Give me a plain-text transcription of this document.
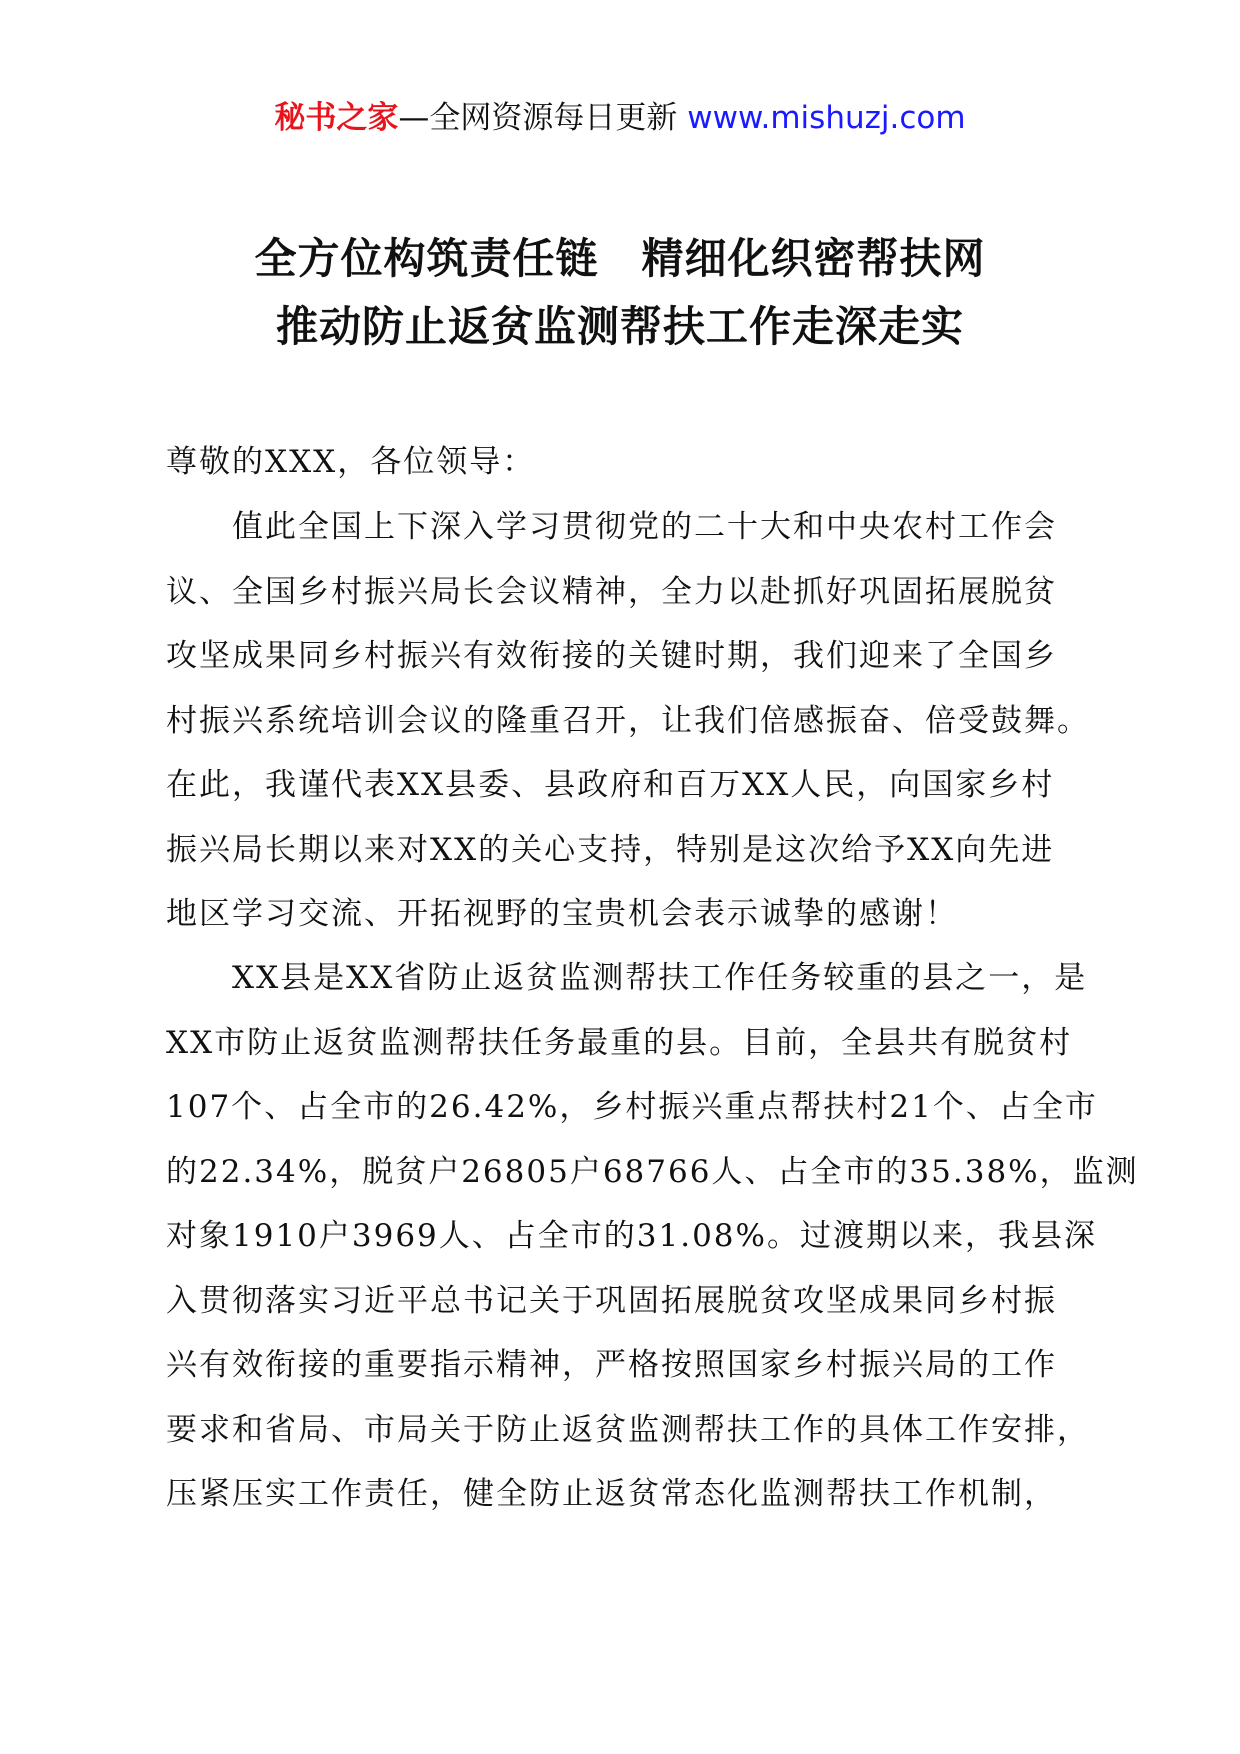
秘书之家—全网资源每日更新 www.mishuzj.com
全方位构筑责任链　精细化织密帮扶网
推动防止返贫监测帮扶工作走深走实
尊敬的XXX，各位领导：
　　值此全国上下深入学习贯彻党的二十大和中央农村工作会
议、全国乡村振兴局长会议精神，全力以赴抓好巩固拓展脱贫
攻坚成果同乡村振兴有效衔接的关键时期，我们迎来了全国乡
村振兴系统培训会议的隆重召开，让我们倍感振奋、倍受鼓舞。
在此，我谨代表XX县委、县政府和百万XX人民，向国家乡村
振兴局长期以来对XX的关心支持，特别是这次给予XX向先进
地区学习交流、开拓视野的宝贵机会表示诚挚的感谢！
　　XX县是XX省防止返贫监测帮扶工作任务较重的县之一，是
XX市防止返贫监测帮扶任务最重的县。目前，全县共有脱贫村
107个、占全市的26.42%，乡村振兴重点帮扶村21个、占全市
的22.34%，脱贫户26805户68766人、占全市的35.38%，监测
对象1910户3969人、占全市的31.08%。过渡期以来，我县深
入贯彻落实习近平总书记关于巩固拓展脱贫攻坚成果同乡村振
兴有效衔接的重要指示精神，严格按照国家乡村振兴局的工作
要求和省局、市局关于防止返贫监测帮扶工作的具体工作安排，
压紧压实工作责任，健全防止返贫常态化监测帮扶工作机制，
